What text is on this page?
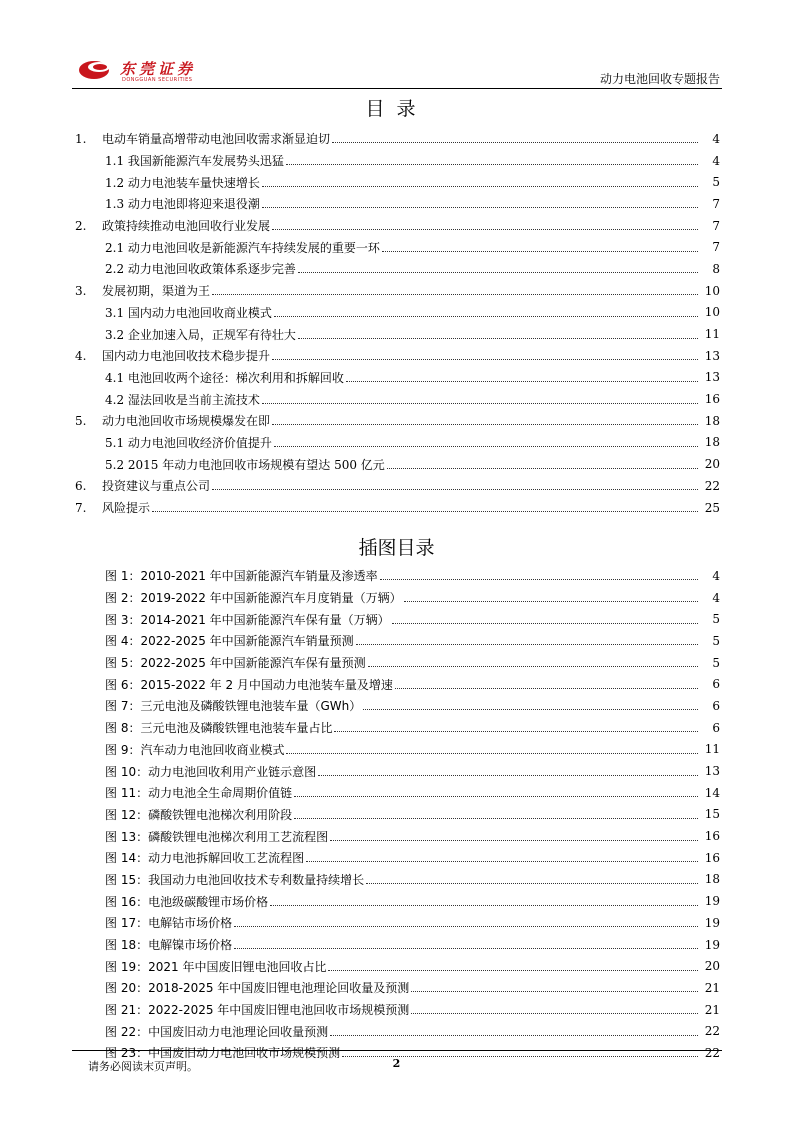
东莞证券
DONGGUAN SECURITIES	动力电池回收专题报告
目录
1.	电动车销量高增带动电池回收需求渐显迫切	4
1.1 我国新能源汽车发展势头迅猛	4
1.2 动力电池装车量快速增长	5
1.3 动力电池即将迎来退役潮	7
2.	政策持续推动电池回收行业发展	7
2.1 动力电池回收是新能源汽车持续发展的重要一环	7
2.2 动力电池回收政策体系逐步完善	8
3.	发展初期，渠道为王	10
3.1 国内动力电池回收商业模式	10
3.2 企业加速入局，正规军有待壮大	11
4.	国内动力电池回收技术稳步提升	13
4.1 电池回收两个途径：梯次利用和拆解回收	13
4.2 湿法回收是当前主流技术	16
5.	动力电池回收市场规模爆发在即	18
5.1 动力电池回收经济价值提升	18
5.2 2015 年动力电池回收市场规模有望达 500 亿元	20
6.	投资建议与重点公司	22
7.	风险提示	25
插图目录
图 1：2010-2021 年中国新能源汽车销量及渗透率	4
图 2：2019-2022 年中国新能源汽车月度销量（万辆）	4
图 3：2014-2021 年中国新能源汽车保有量（万辆）	5
图 4：2022-2025 年中国新能源汽车销量预测	5
图 5：2022-2025 年中国新能源汽车保有量预测	5
图 6：2015-2022 年 2 月中国动力电池装车量及增速	6
图 7：三元电池及磷酸铁锂电池装车量（GWh）	6
图 8：三元电池及磷酸铁锂电池装车量占比	6
图 9：汽车动力电池回收商业模式	11
图 10：动力电池回收利用产业链示意图	13
图 11：动力电池全生命周期价值链	14
图 12：磷酸铁锂电池梯次利用阶段	15
图 13：磷酸铁锂电池梯次利用工艺流程图	16
图 14：动力电池拆解回收工艺流程图	16
图 15：我国动力电池回收技术专利数量持续增长	18
图 16：电池级碳酸锂市场价格	19
图 17：电解钴市场价格	19
图 18：电解镍市场价格	19
图 19：2021 年中国废旧锂电池回收占比	20
图 20：2018-2025 年中国废旧锂电池理论回收量及预测	21
图 21：2022-2025 年中国废旧锂电池回收市场规模预测	21
图 22：中国废旧动力电池理论回收量预测	22
图 23：中国废旧动力电池回收市场规模预测	22
请务必阅读末页声明。	2
